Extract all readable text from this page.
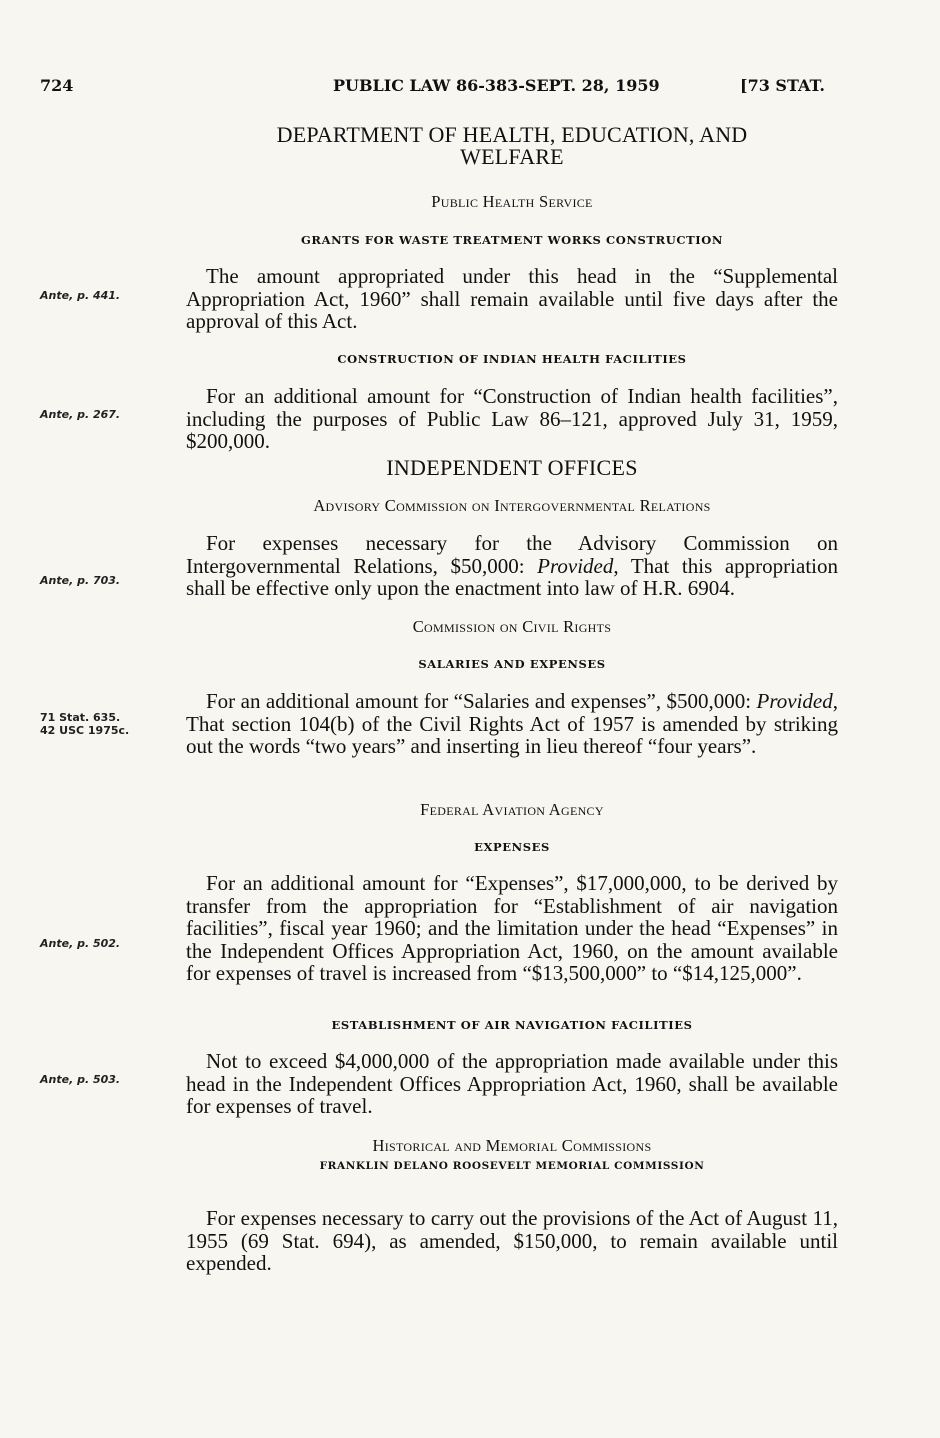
724	PUBLIC LAW 86-383-SEPT. 28, 1959	[73 STAT.
DEPARTMENT OF HEALTH, EDUCATION, AND
WELFARE
Public Health Service
GRANTS FOR WASTE TREATMENT WORKS CONSTRUCTION

The amount appropriated under this head in the “Supplemental Appropriation Act, 1960” shall remain available until five days after the approval of this Act.

Ante, p. 441.
CONSTRUCTION OF INDIAN HEALTH FACILITIES

For an additional amount for “Construction of Indian health facilities”, including the purposes of Public Law 86–121, approved July 31, 1959, $200,000.

Ante, p. 267.
INDEPENDENT OFFICES
Advisory Commission on Intergovernmental Relations

For expenses necessary for the Advisory Commission on Intergovernmental Relations, $50,000: Provided, That this appropriation shall be effective only upon the enactment into law of H.R. 6904.

Ante, p. 703.
Commission on Civil Rights
SALARIES AND EXPENSES

For an additional amount for “Salaries and expenses”, $500,000: Provided, That section 104(b) of the Civil Rights Act of 1957 is amended by striking out the words “two years” and inserting in lieu thereof “four years”.

71 Stat. 635.
42 USC 1975c.
Federal Aviation Agency
EXPENSES

For an additional amount for “Expenses”, $17,000,000, to be derived by transfer from the appropriation for “Establishment of air navigation facilities”, fiscal year 1960; and the limitation under the head “Expenses” in the Independent Offices Appropriation Act, 1960, on the amount available for expenses of travel is increased from “$13,500,000” to “$14,125,000”.

Ante, p. 502.
ESTABLISHMENT OF AIR NAVIGATION FACILITIES

Not to exceed $4,000,000 of the appropriation made available under this head in the Independent Offices Appropriation Act, 1960, shall be available for expenses of travel.

Ante, p. 503.
Historical and Memorial Commissions
FRANKLIN DELANO ROOSEVELT MEMORIAL COMMISSION

For expenses necessary to carry out the provisions of the Act of August 11, 1955 (69 Stat. 694), as amended, $150,000, to remain available until expended.
